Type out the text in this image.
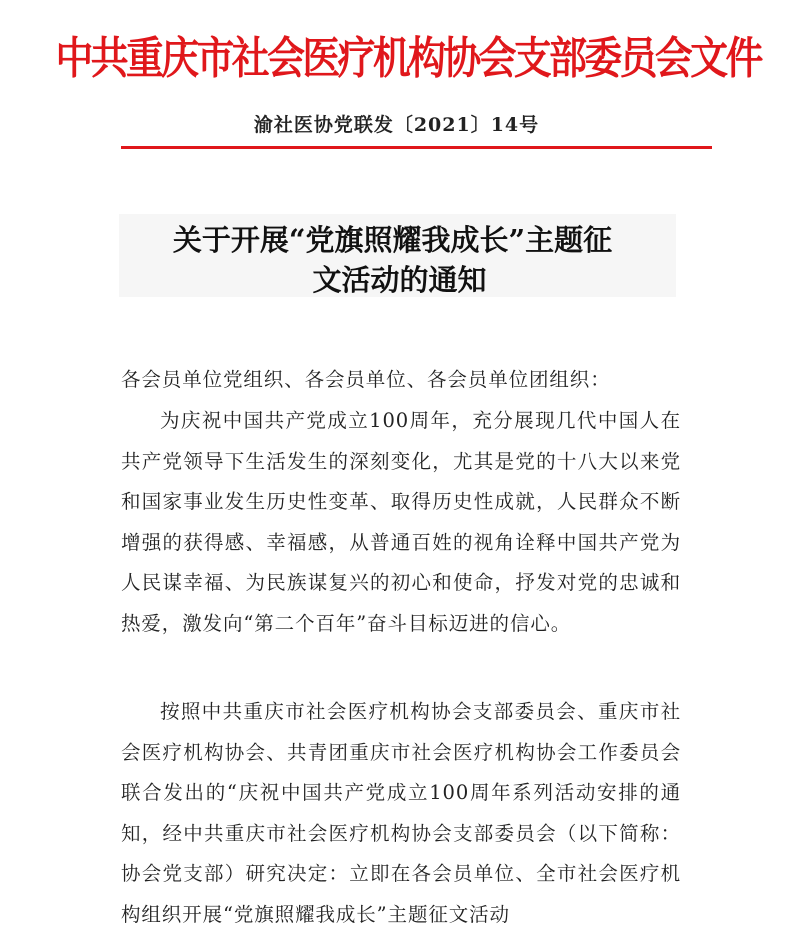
中共重庆市社会医疗机构协会支部委员会文件
渝社医协党联发〔2021〕14号
关于开展“党旗照耀我成长”主题征
文活动的通知
各会员单位党组织、各会员单位、各会员单位团组织：
为庆祝中国共产党成立100周年，充分展现几代中国人在共产党领导下生活发生的深刻变化，尤其是党的十八大以来党和国家事业发生历史性变革、取得历史性成就，人民群众不断增强的获得感、幸福感，从普通百姓的视角诠释中国共产党为人民谋幸福、为民族谋复兴的初心和使命，抒发对党的忠诚和热爱，激发向“第二个百年”奋斗目标迈进的信心。
按照中共重庆市社会医疗机构协会支部委员会、重庆市社会医疗机构协会、共青团重庆市社会医疗机构协会工作委员会联合发出的“庆祝中国共产党成立100周年系列活动安排的通知，经中共重庆市社会医疗机构协会支部委员会（以下简称：协会党支部）研究决定：立即在各会员单位、全市社会医疗机构组织开展“党旗照耀我成长”主题征文活动
